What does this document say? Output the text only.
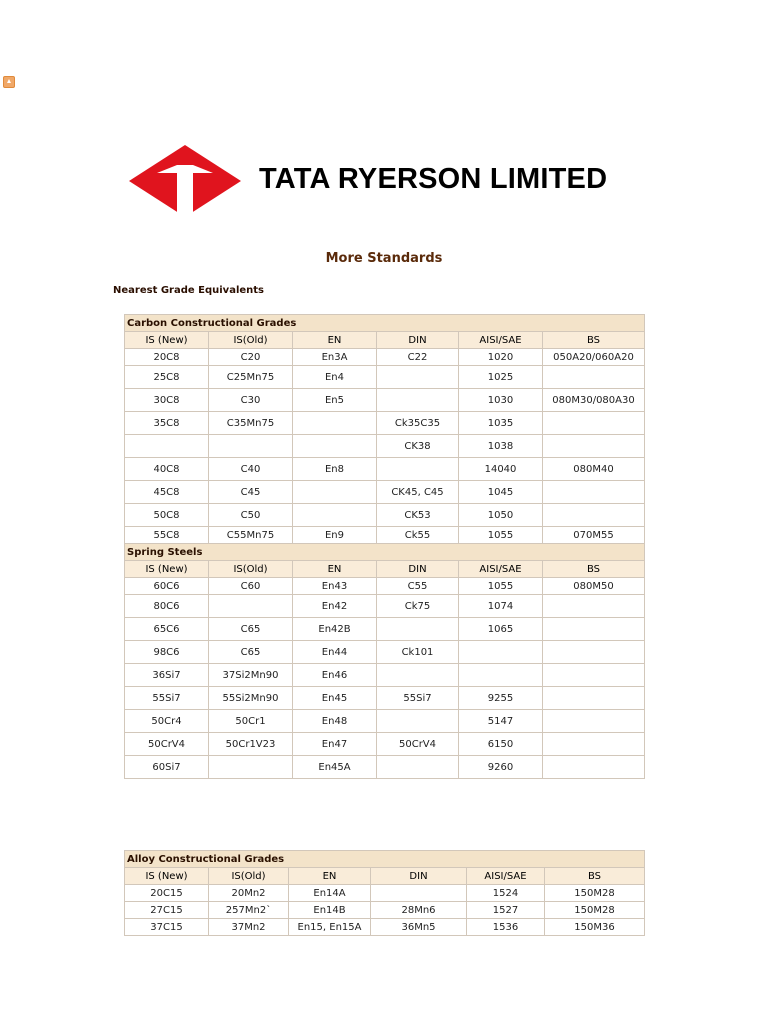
TATA RYERSON LIMITED
More Standards
Nearest Grade Equivalents
Carbon Constructional Grades					
IS (New)	IS(Old)	EN	DIN	AISI/SAE	BS
20C8	C20	En3A	C22	1020	050A20/060A20
25C8	C25Mn75	En4		1025	
30C8	C30	En5		1030	080M30/080A30
35C8	C35Mn75		Ck35C35	1035	
			CK38	1038	
40C8	C40	En8		14040	080M40
45C8	C45		CK45, C45	1045	
50C8	C50		CK53	1050	
55C8	C55Mn75	En9	Ck55	1055	070M55
Spring Steels					
IS (New)	IS(Old)	EN	DIN	AISI/SAE	BS
60C6	C60	En43	C55	1055	080M50
80C6		En42	Ck75	1074	
65C6	C65	En42B		1065	
98C6	C65	En44	Ck101		
36Si7	37Si2Mn90	En46			
55Si7	55Si2Mn90	En45	55Si7	9255	
50Cr4	50Cr1	En48		5147	
50CrV4	50Cr1V23	En47	50CrV4	6150	
60Si7		En45A		9260	
Alloy Constructional Grades					
IS (New)	IS(Old)	EN	DIN	AISI/SAE	BS
20C15	20Mn2	En14A		1524	150M28
27C15	257Mn2`	En14B	28Mn6	1527	150M28
37C15	37Mn2	En15, En15A	36Mn5	1536	150M36
